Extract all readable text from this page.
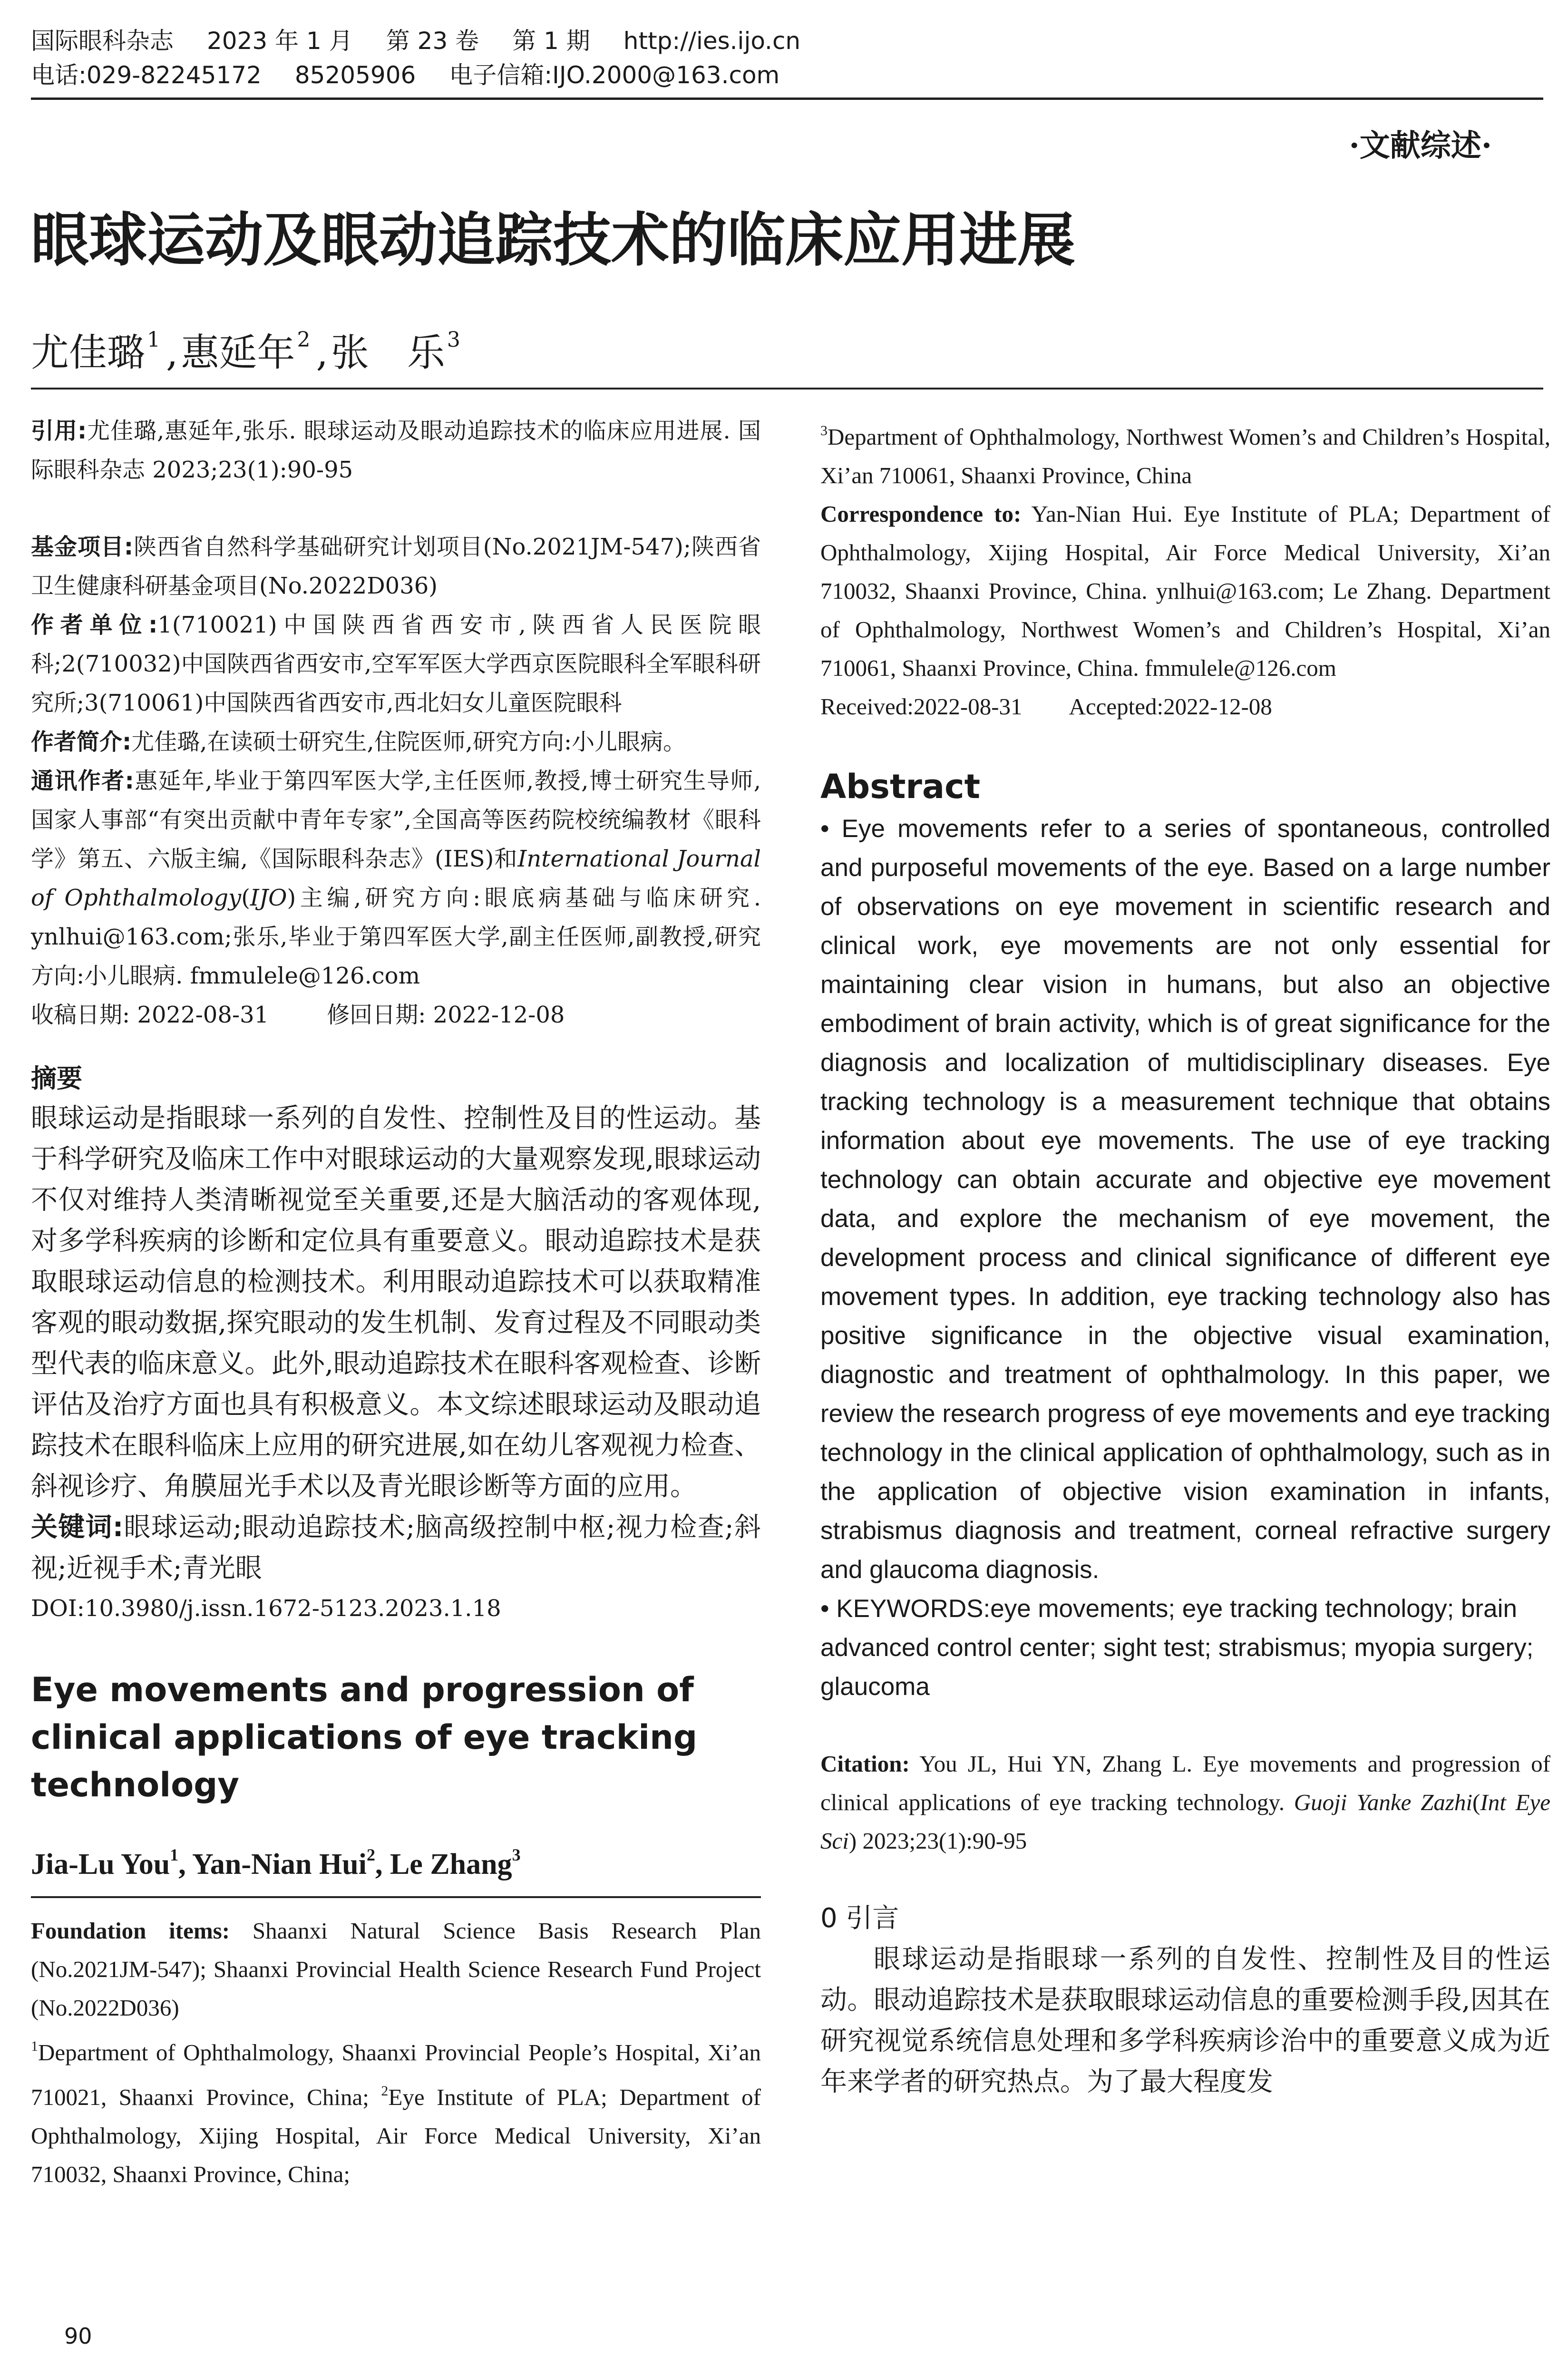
国际眼科杂志 2023 年 1 月 第 23 卷 第 1 期 http://ies.ijo.cn
电话:029-82245172 85205906 电子信箱:IJO.2000@163.com
·文献综述·
眼球运动及眼动追踪技术的临床应用进展
尤佳璐$^1$ ,惠延年$^2$ ,张　乐$^3$

引用:尤佳璐,惠延年,张乐. 眼球运动及眼动追踪技术的临床应用进展. 国际眼科杂志 2023;23(1):90-95

基金项目:陕西省自然科学基础研究计划项目(No.2021JM-547);陕西省卫生健康科研基金项目(No.2022D036)

作者单位:1(710021)中国陕西省西安市,陕西省人民医院眼科;2(710032)中国陕西省西安市,空军军医大学西京医院眼科全军眼科研究所;3(710061)中国陕西省西安市,西北妇女儿童医院眼科

作者简介:尤佳璐,在读硕士研究生,住院医师,研究方向:小儿眼病。

通讯作者:惠延年,毕业于第四军医大学,主任医师,教授,博士研究生导师,国家人事部“有突出贡献中青年专家”,全国高等医药院校统编教材《眼科学》第五、六版主编,《国际眼科杂志》(IES)和International Journal of Ophthalmology(IJO)主编,研究方向:眼底病基础与临床研究. ynlhui@163.com;张乐,毕业于第四军医大学,副主任医师,副教授,研究方向:小儿眼病. fmmulele@126.com

收稿日期: 2022-08-31	修回日期: 2022-12-08

摘要

眼球运动是指眼球一系列的自发性、控制性及目的性运动。基于科学研究及临床工作中对眼球运动的大量观察发现,眼球运动不仅对维持人类清晰视觉至关重要,还是大脑活动的客观体现,对多学科疾病的诊断和定位具有重要意义。眼动追踪技术是获取眼球运动信息的检测技术。利用眼动追踪技术可以获取精准客观的眼动数据,探究眼动的发生机制、发育过程及不同眼动类型代表的临床意义。此外,眼动追踪技术在眼科客观检查、诊断评估及治疗方面也具有积极意义。本文综述眼球运动及眼动追踪技术在眼科临床上应用的研究进展,如在幼儿客观视力检查、斜视诊疗、角膜屈光手术以及青光眼诊断等方面的应用。

关键词:眼球运动;眼动追踪技术;脑高级控制中枢;视力检查;斜视;近视手术;青光眼

DOI:10.3980/j.issn.1672-5123.2023.1.18

Eye movements and progression of clinical applications of eye tracking technology

Jia-Lu You$^1$, Yan-Nian Hui$^2$, Le Zhang$^3$

Foundation items: Shaanxi Natural Science Basis Research Plan (No.2021JM-547); Shaanxi Provincial Health Science Research Fund Project (No.2022D036)

$^1$Department of Ophthalmology, Shaanxi Provincial People’s Hospital, Xi’an 710021, Shaanxi Province, China; $^2$Eye Institute of PLA; Department of Ophthalmology, Xijing Hospital, Air Force Medical University, Xi’an 710032, Shaanxi Province, China;

$^3$Department of Ophthalmology, Northwest Women’s and Children’s Hospital, Xi’an 710061, Shaanxi Province, China

Correspondence to: Yan-Nian Hui. Eye Institute of PLA; Department of Ophthalmology, Xijing Hospital, Air Force Medical University, Xi’an 710032, Shaanxi Province, China. ynlhui@163.com; Le Zhang. Department of Ophthalmology, Northwest Women’s and Children’s Hospital, Xi’an 710061, Shaanxi Province, China. fmmulele@126.com

Received:2022-08-31 Accepted:2022-12-08

Abstract

• Eye movements refer to a series of spontaneous, controlled and purposeful movements of the eye. Based on a large number of observations on eye movement in scientific research and clinical work, eye movements are not only essential for maintaining clear vision in humans, but also an objective embodiment of brain activity, which is of great significance for the diagnosis and localization of multidisciplinary diseases. Eye tracking technology is a measurement technique that obtains information about eye movements. The use of eye tracking technology can obtain accurate and objective eye movement data, and explore the mechanism of eye movement, the development process and clinical significance of different eye movement types. In addition, eye tracking technology also has positive significance in the objective visual examination, diagnostic and treatment of ophthalmology. In this paper, we review the research progress of eye movements and eye tracking technology in the clinical application of ophthalmology, such as in the application of objective vision examination in infants, strabismus diagnosis and treatment, corneal refractive surgery and glaucoma diagnosis.

• KEYWORDS:eye movements; eye tracking technology; brain advanced control center; sight test; strabismus; myopia surgery; glaucoma

Citation: You JL, Hui YN, Zhang L. Eye movements and progression of clinical applications of eye tracking technology. Guoji Yanke Zazhi(Int Eye Sci) 2023;23(1):90-95

0 引言

眼球运动是指眼球一系列的自发性、控制性及目的性运动。眼动追踪技术是获取眼球运动信息的重要检测手段,因其在研究视觉系统信息处理和多学科疾病诊治中的重要意义成为近年来学者的研究热点。为了最大程度发

90
